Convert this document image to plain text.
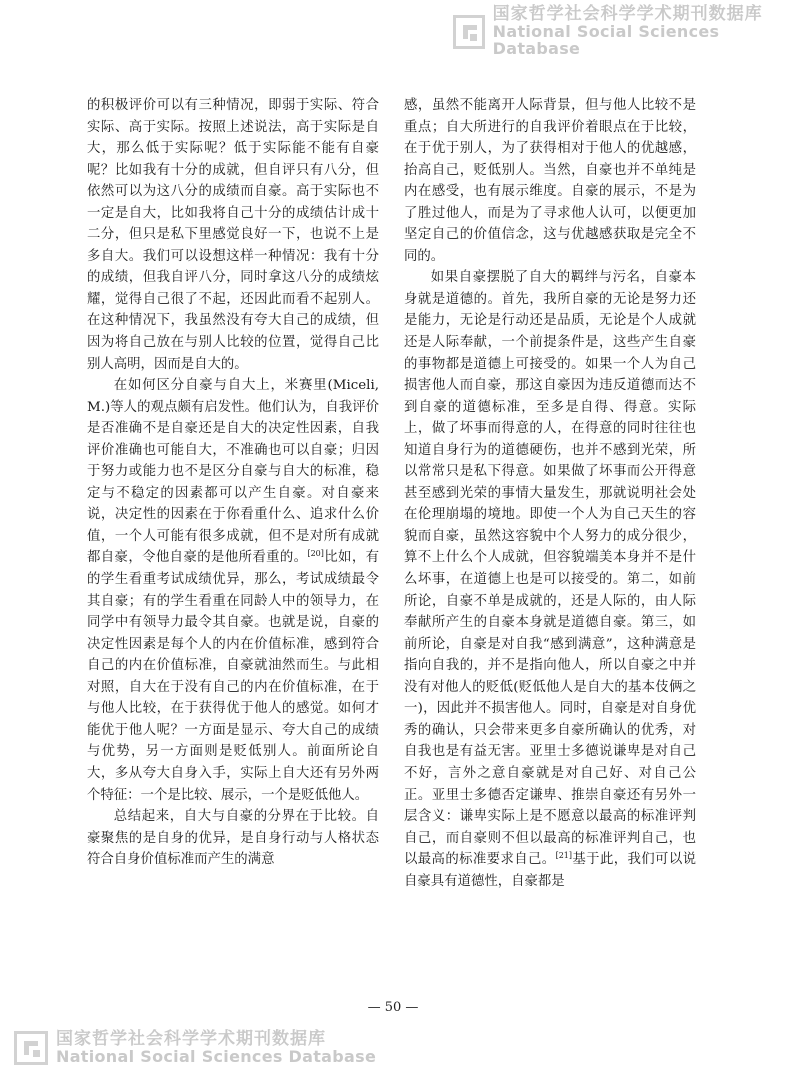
国家哲学社会科学学术期刊数据库
National Social Sciences Database

的积极评价可以有三种情况，即弱于实际、符合实际、高于实际。按照上述说法，高于实际是自大，那么低于实际呢？低于实际能不能有自豪呢？比如我有十分的成就，但自评只有八分，但依然可以为这八分的成绩而自豪。高于实际也不一定是自大，比如我将自己十分的成绩估计成十二分，但只是私下里感觉良好一下，也说不上是多自大。我们可以设想这样一种情况：我有十分的成绩，但我自评八分，同时拿这八分的成绩炫耀，觉得自己很了不起，还因此而看不起别人。在这种情况下，我虽然没有夸大自己的成绩，但因为将自己放在与别人比较的位置，觉得自己比别人高明，因而是自大的。

在如何区分自豪与自大上，米赛里(Miceli, M.)等人的观点颇有启发性。他们认为，自我评价是否准确不是自豪还是自大的决定性因素，自我评价准确也可能自大，不准确也可以自豪；归因于努力或能力也不是区分自豪与自大的标准，稳定与不稳定的因素都可以产生自豪。对自豪来说，决定性的因素在于你看重什么、追求什么价值，一个人可能有很多成就，但不是对所有成就都自豪，令他自豪的是他所看重的。[20]比如，有的学生看重考试成绩优异，那么，考试成绩最令其自豪；有的学生看重在同龄人中的领导力，在同学中有领导力最令其自豪。也就是说，自豪的决定性因素是每个人的内在价值标准，感到符合自己的内在价值标准，自豪就油然而生。与此相对照，自大在于没有自己的内在价值标准，在于与他人比较，在于获得优于他人的感觉。如何才能优于他人呢？一方面是显示、夸大自己的成绩与优势，另一方面则是贬低别人。前面所论自大，多从夸大自身入手，实际上自大还有另外两个特征：一个是比较、展示，一个是贬低他人。

总结起来，自大与自豪的分界在于比较。自豪聚焦的是自身的优异，是自身行动与人格状态符合自身价值标准而产生的满意

感，虽然不能离开人际背景，但与他人比较不是重点；自大所进行的自我评价着眼点在于比较，在于优于别人，为了获得相对于他人的优越感，抬高自己，贬低别人。当然，自豪也并不单纯是内在感受，也有展示维度。自豪的展示，不是为了胜过他人，而是为了寻求他人认可，以便更加坚定自己的价值信念，这与优越感获取是完全不同的。

如果自豪摆脱了自大的羁绊与污名，自豪本身就是道德的。首先，我所自豪的无论是努力还是能力，无论是行动还是品质，无论是个人成就还是人际奉献，一个前提条件是，这些产生自豪的事物都是道德上可接受的。如果一个人为自己损害他人而自豪，那这自豪因为违反道德而达不到自豪的道德标准，至多是自得、得意。实际上，做了坏事而得意的人，在得意的同时往往也知道自身行为的道德硬伤，也并不感到光荣，所以常常只是私下得意。如果做了坏事而公开得意甚至感到光荣的事情大量发生，那就说明社会处在伦理崩塌的境地。即使一个人为自己天生的容貌而自豪，虽然这容貌中个人努力的成分很少，算不上什么个人成就，但容貌端美本身并不是什么坏事，在道德上也是可以接受的。第二，如前所论，自豪不单是成就的，还是人际的，由人际奉献所产生的自豪本身就是道德自豪。第三，如前所论，自豪是对自我“感到满意”，这种满意是指向自我的，并不是指向他人，所以自豪之中并没有对他人的贬低(贬低他人是自大的基本伎俩之一)，因此并不损害他人。同时，自豪是对自身优秀的确认，只会带来更多自豪所确认的优秀，对自我也是有益无害。亚里士多德说谦卑是对自己不好，言外之意自豪就是对自己好、对自己公正。亚里士多德否定谦卑、推崇自豪还有另外一层含义：谦卑实际上是不愿意以最高的标准评判自己，而自豪则不但以最高的标准评判自己，也以最高的标准要求自己。[21]基于此，我们可以说自豪具有道德性，自豪都是

— 50 —
国家哲学社会科学学术期刊数据库
National Social Sciences Database
